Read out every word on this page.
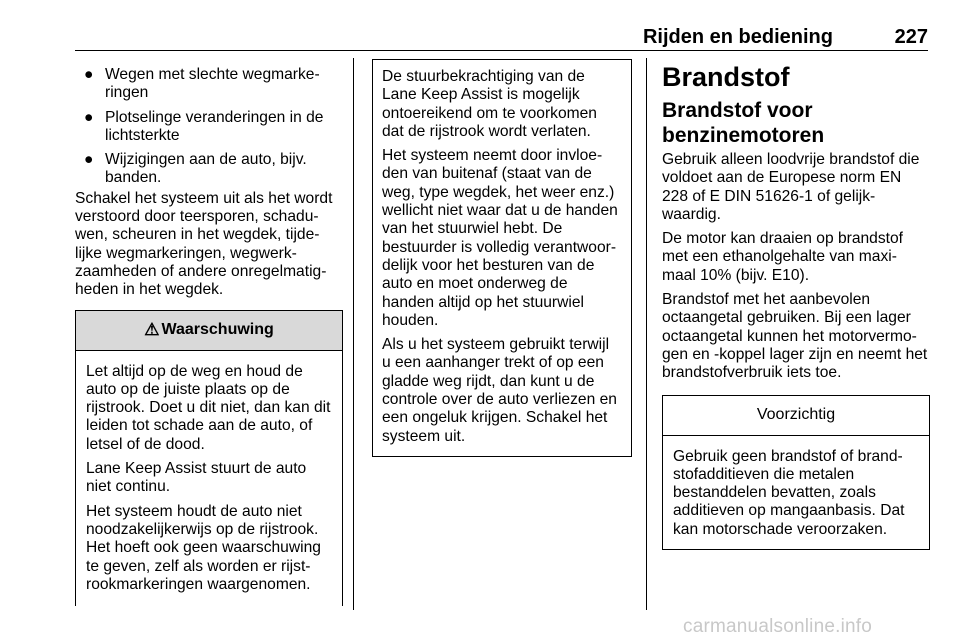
Rijden en bediening	227
● Wegen met slechte wegmarke-ringen
● Plotselinge veranderingen in de lichtsterkte
● Wijzigingen aan de auto, bijv. banden.

Schakel het systeem uit als het wordt verstoord door teersporen, schadu-wen, scheuren in het wegdek, tijde-lijke wegmarkeringen, wegwerk-zaamheden of andere onregelmatig-heden in het wegdek.

⚠ Waarschuwing

Let altijd op de weg en houd de auto op de juiste plaats op de rijstrook. Doet u dit niet, dan kan dit leiden tot schade aan de auto, of letsel of de dood.

Lane Keep Assist stuurt de auto niet continu.

Het systeem houdt de auto niet noodzakelijkerwijs op de rijstrook. Het hoeft ook geen waarschuwing te geven, zelf als worden er rijst-rookmarkeringen waargenomen.

De stuurbekrachtiging van de Lane Keep Assist is mogelijk ontoereikend om te voorkomen dat de rijstrook wordt verlaten.

Het systeem neemt door invloe-den van buitenaf (staat van de weg, type wegdek, het weer enz.) wellicht niet waar dat u de handen van het stuurwiel hebt. De bestuurder is volledig verantwoor-delijk voor het besturen van de auto en moet onderweg de handen altijd op het stuurwiel houden.

Als u het systeem gebruikt terwijl u een aanhanger trekt of op een gladde weg rijdt, dan kunt u de controle over de auto verliezen en een ongeluk krijgen. Schakel het systeem uit.

Brandstof
Brandstof voor benzinemotoren

Gebruik alleen loodvrije brandstof die voldoet aan de Europese norm EN 228 of E DIN 51626-1 of gelijk-waardig.

De motor kan draaien op brandstof met een ethanolgehalte van maxi-maal 10% (bijv. E10).

Brandstof met het aanbevolen octaangetal gebruiken. Bij een lager octaangetal kunnen het motorvermo-gen en -koppel lager zijn en neemt het brandstofverbruik iets toe.

Voorzichtig

Gebruik geen brandstof of brand-stofadditieven die metalen bestanddelen bevatten, zoals additieven op mangaanbasis. Dat kan motorschade veroorzaken.

carmanualsonline.info
